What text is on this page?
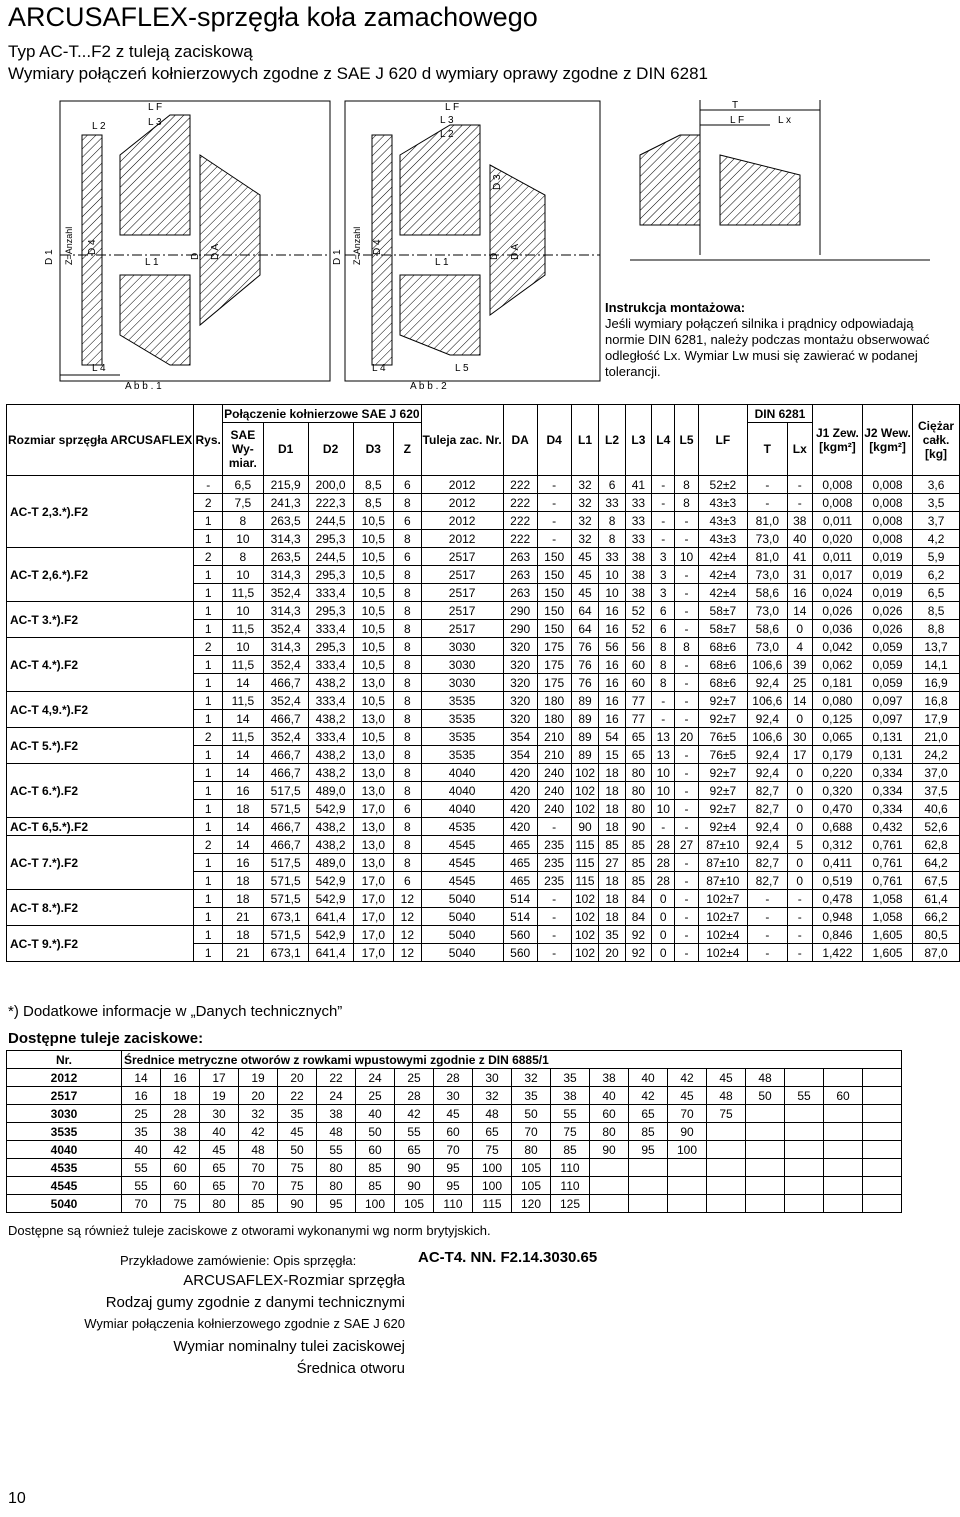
ARCUSAFLEX-sprzęgła koła zamachowego
Typ AC-T...F2 z tuleją zaciskową
Wymiary połączeń kołnierzowych zgodne z SAE J 620 d wymiary oprawy zgodne z DIN 6281
A b b . 1
L 2
L F
L 3
L 1
L 4
D 1 Z=Anzahl D 4
D D A
A b b . 2
L F
L 3
L 2
D 3
L 1
L 4	L 5
D 1 Z=Anzahl D 4
D D A
T
L F	L x
Instrukcja montażowa:
Jeśli wymiary połączeń silnika i prądnicy odpowiadają normie DIN 6281, należy podczas montażu obserwować odległość Lx. Wymiar Lw musi się zawierać w podanej tolerancji.
Rozmiar sprzęgła ARCUSAFLEX	Rys.	Połączenie kołnierzowe SAE J 620					Tuleja zac. Nr.	DA	D4	L1	L2	L3	L4	L5	LF	DIN 6281		J1 Zew. [kgm²]	J2 Wew. [kgm²]	Ciężar całk. [kg]
		SAE Wy- miar.	D1	D2	D3	Z										T	Lx			
AC-T 2,3.*).F2	-	6,5	215,9	200,0	8,5	6	2012	222	-	32	6	41	-	8	52±2	-	-	0,008	0,008	3,6
	2	7,5	241,3	222,3	8,5	8	2012	222	-	32	33	33	-	8	43±3	-	-	0,008	0,008	3,5
	1	8	263,5	244,5	10,5	6	2012	222	-	32	8	33	-	-	43±3	81,0	38	0,011	0,008	3,7
	1	10	314,3	295,3	10,5	8	2012	222	-	32	8	33	-	-	43±3	73,0	40	0,020	0,008	4,2
AC-T 2,6.*).F2	2	8	263,5	244,5	10,5	6	2517	263	150	45	33	38	3	10	42±4	81,0	41	0,011	0,019	5,9
	1	10	314,3	295,3	10,5	8	2517	263	150	45	10	38	3	-	42±4	73,0	31	0,017	0,019	6,2
	1	11,5	352,4	333,4	10,5	8	2517	263	150	45	10	38	3	-	42±4	58,6	16	0,024	0,019	6,5
AC-T 3.*).F2	1	10	314,3	295,3	10,5	8	2517	290	150	64	16	52	6	-	58±7	73,0	14	0,026	0,026	8,5
	1	11,5	352,4	333,4	10,5	8	2517	290	150	64	16	52	6	-	58±7	58,6	0	0,036	0,026	8,8
AC-T 4.*).F2	2	10	314,3	295,3	10,5	8	3030	320	175	76	56	56	8	8	68±6	73,0	4	0,042	0,059	13,7
	1	11,5	352,4	333,4	10,5	8	3030	320	175	76	16	60	8	-	68±6	106,6	39	0,062	0,059	14,1
	1	14	466,7	438,2	13,0	8	3030	320	175	76	16	60	8	-	68±6	92,4	25	0,181	0,059	16,9
AC-T 4,9.*).F2	1	11,5	352,4	333,4	10,5	8	3535	320	180	89	16	77	-	-	92±7	106,6	14	0,080	0,097	16,8
	1	14	466,7	438,2	13,0	8	3535	320	180	89	16	77	-	-	92±7	92,4	0	0,125	0,097	17,9
AC-T 5.*).F2	2	11,5	352,4	333,4	10,5	8	3535	354	210	89	54	65	13	20	76±5	106,6	30	0,065	0,131	21,0
	1	14	466,7	438,2	13,0	8	3535	354	210	89	15	65	13	-	76±5	92,4	17	0,179	0,131	24,2
AC-T 6.*).F2	1	14	466,7	438,2	13,0	8	4040	420	240	102	18	80	10	-	92±7	92,4	0	0,220	0,334	37,0
	1	16	517,5	489,0	13,0	8	4040	420	240	102	18	80	10	-	92±7	82,7	0	0,320	0,334	37,5
	1	18	571,5	542,9	17,0	6	4040	420	240	102	18	80	10	-	92±7	82,7	0	0,470	0,334	40,6
AC-T 6,5.*).F2	1	14	466,7	438,2	13,0	8	4535	420	-	90	18	90	-	-	92±4	92,4	0	0,688	0,432	52,6
AC-T 7.*).F2	2	14	466,7	438,2	13,0	8	4545	465	235	115	85	85	28	27	87±10	92,4	5	0,312	0,761	62,8
	1	16	517,5	489,0	13,0	8	4545	465	235	115	27	85	28	-	87±10	82,7	0	0,411	0,761	64,2
	1	18	571,5	542,9	17,0	6	4545	465	235	115	18	85	28	-	87±10	82,7	0	0,519	0,761	67,5
AC-T 8.*).F2	1	18	571,5	542,9	17,0	12	5040	514	-	102	18	84	0	-	102±7	-	-	0,478	1,058	61,4
	1	21	673,1	641,4	17,0	12	5040	514	-	102	18	84	0	-	102±7	-	-	0,948	1,058	66,2
AC-T 9.*).F2	1	18	571,5	542,9	17,0	12	5040	560	-	102	35	92	0	-	102±4	-	-	0,846	1,605	80,5
	1	21	673,1	641,4	17,0	12	5040	560	-	102	20	92	0	-	102±4	-	-	1,422	1,605	87,0
*) Dodatkowe informacje w „Danych technicznych”
Dostępne tuleje zaciskowe:
Nr.	Średnice metryczne otworów z rowkami wpustowymi zgodnie z DIN 6885/1																			
2012	14	16	17	19	20	22	24	25	28	30	32	35	38	40	42	45	48			
2517	16	18	19	20	22	24	25	28	30	32	35	38	40	42	45	48	50	55	60	
3030	25	28	30	32	35	38	40	42	45	48	50	55	60	65	70	75				
3535	35	38	40	42	45	48	50	55	60	65	70	75	80	85	90					
4040	40	42	45	48	50	55	60	65	70	75	80	85	90	95	100					
4535	55	60	65	70	75	80	85	90	95	100	105	110								
4545	55	60	65	70	75	80	85	90	95	100	105	110								
5040	70	75	80	85	90	95	100	105	110	115	120	125								
Dostępne są również tuleje zaciskowe z otworami wykonanymi wg norm brytyjskich.
Przykładowe zamówienie: Opis sprzęgła:	AC-T4. NN. F2.14.3030.65
ARCUSAFLEX-Rozmiar sprzęgła
Rodzaj gumy zgodnie z danymi technicznymi
Wymiar połączenia kołnierzowego zgodnie z SAE J 620
Wymiar nominalny tulei zaciskowej
Średnica otworu
10
